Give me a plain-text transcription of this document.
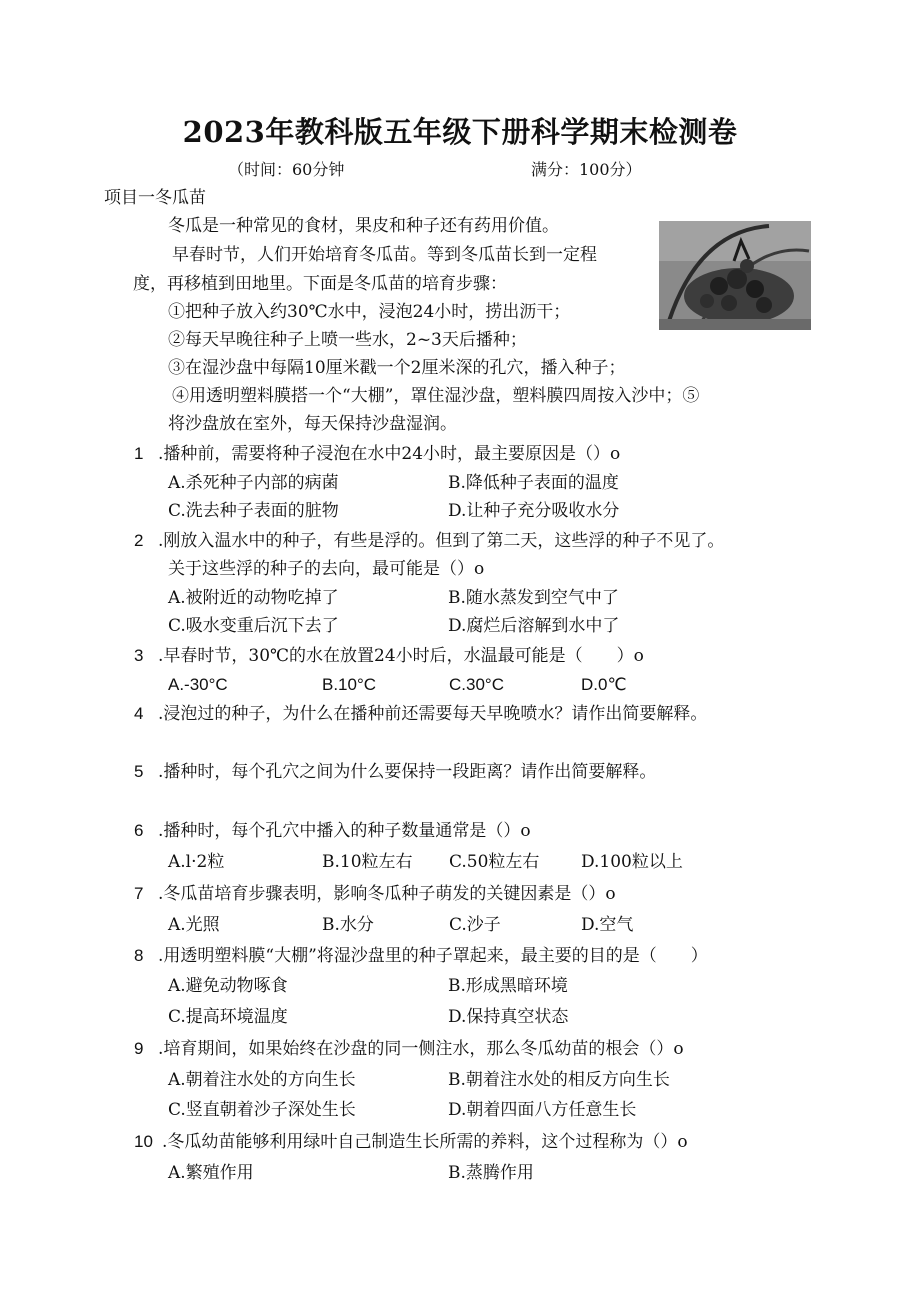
2023年教科版五年级下册科学期末检测卷
（时间：60分钟	满分：100分）
项目一冬瓜苗
冬瓜是一种常见的食材，果皮和种子还有药用价值。
早春时节，人们开始培育冬瓜苗。等到冬瓜苗长到一定程
度，再移植到田地里。下面是冬瓜苗的培育步骤：
①把种子放入约30℃水中，浸泡24小时，捞出沥干；
②每天早晚往种子上喷一些水，2~3天后播种；
③在湿沙盘中每隔10厘米戳一个2厘米深的孔穴，播入种子；
④用透明塑料膜搭一个“大棚”，罩住湿沙盘，塑料膜四周按入沙中；⑤
将沙盘放在室外，每天保持沙盘湿润。
1 .播种前，需要将种子浸泡在水中24小时，最主要原因是（）o
A.杀死种子内部的病菌	B.降低种子表面的温度
C.洗去种子表面的脏物	D.让种子充分吸收水分
2 .刚放入温水中的种子，有些是浮的。但到了第二天，这些浮的种子不见了。
关于这些浮的种子的去向，最可能是（）o
A.被附近的动物吃掉了	B.随水蒸发到空气中了
C.吸水变重后沉下去了	D.腐烂后溶解到水中了
3 .早春时节，30℃的水在放置24小时后，水温最可能是（　　）o
A.-30°C	B.10°C	C.30°C	D.0℃
4 .浸泡过的种子，为什么在播种前还需要每天早晚喷水？请作出简要解释。
5 .播种时，每个孔穴之间为什么要保持一段距离？请作出简要解释。
6 .播种时，每个孔穴中播入的种子数量通常是（）o
A.l·2粒	B.10粒左右 C.50粒左右 D.100粒以上
7 .冬瓜苗培育步骤表明，影响冬瓜种子萌发的关键因素是（）o
A.光照	B.水分	C.沙子	D.空气
8 .用透明塑料膜“大棚”将湿沙盘里的种子罩起来，最主要的目的是（　　）
A.避免动物啄食	B.形成黑暗环境
C.提高环境温度	D.保持真空状态
9 .培育期间，如果始终在沙盘的同一侧注水，那么冬瓜幼苗的根会（）o
A.朝着注水处的方向生长	B.朝着注水处的相反方向生长
C.竖直朝着沙子深处生长	D.朝着四面八方任意生长
10 .冬瓜幼苗能够利用绿叶自己制造生长所需的养料，这个过程称为（）o
A.繁殖作用	B.蒸腾作用
